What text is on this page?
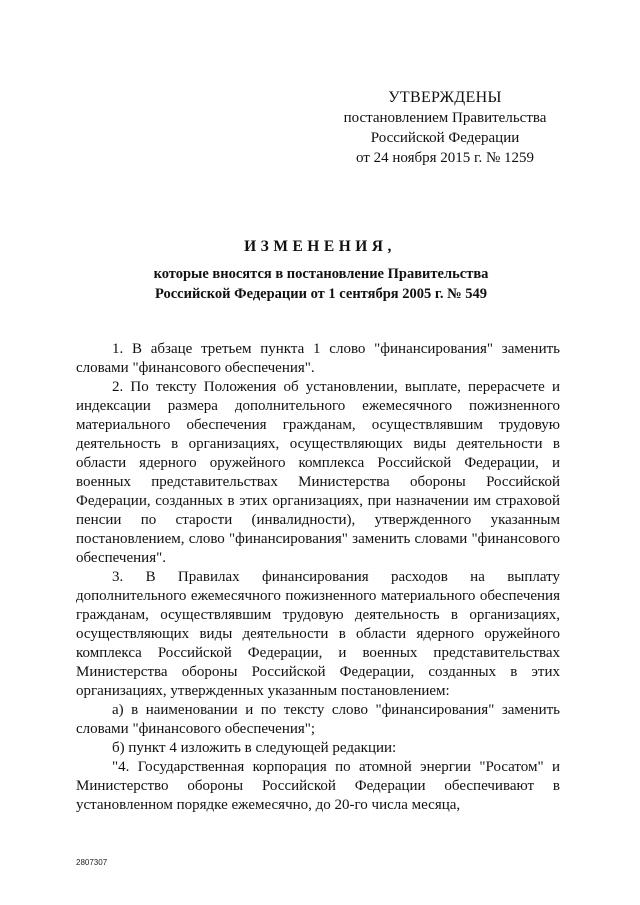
УТВЕРЖДЕНЫ
постановлением Правительства
Российской Федерации
от 24 ноября 2015 г. № 1259
ИЗМЕНЕНИЯ,
которые вносятся в постановление Правительства
Российской Федерации от 1 сентября 2005 г. № 549

1. В абзаце третьем пункта 1 слово "финансирования" заменить словами "финансового обеспечения".

2. По тексту Положения об установлении, выплате, перерасчете и индексации размера дополнительного ежемесячного пожизненного материального обеспечения гражданам, осуществлявшим трудовую деятельность в организациях, осуществляющих виды деятельности в области ядерного оружейного комплекса Российской Федерации, и военных представительствах Министерства обороны Российской Федерации, созданных в этих организациях, при назначении им страховой пенсии по старости (инвалидности), утвержденного указанным постановлением, слово "финансирования" заменить словами "финансового обеспечения".

3. В Правилах финансирования расходов на выплату дополнительного ежемесячного пожизненного материального обеспечения гражданам, осуществлявшим трудовую деятельность в организациях, осуществляющих виды деятельности в области ядерного оружейного комплекса Российской Федерации, и военных представительствах Министерства обороны Российской Федерации, созданных в этих организациях, утвержденных указанным постановлением:

а) в наименовании и по тексту слово "финансирования" заменить словами "финансового обеспечения";

б) пункт 4 изложить в следующей редакции:

"4. Государственная корпорация по атомной энергии "Росатом" и Министерство обороны Российской Федерации обеспечивают в установленном порядке ежемесячно, до 20-го числа месяца,

2807307
